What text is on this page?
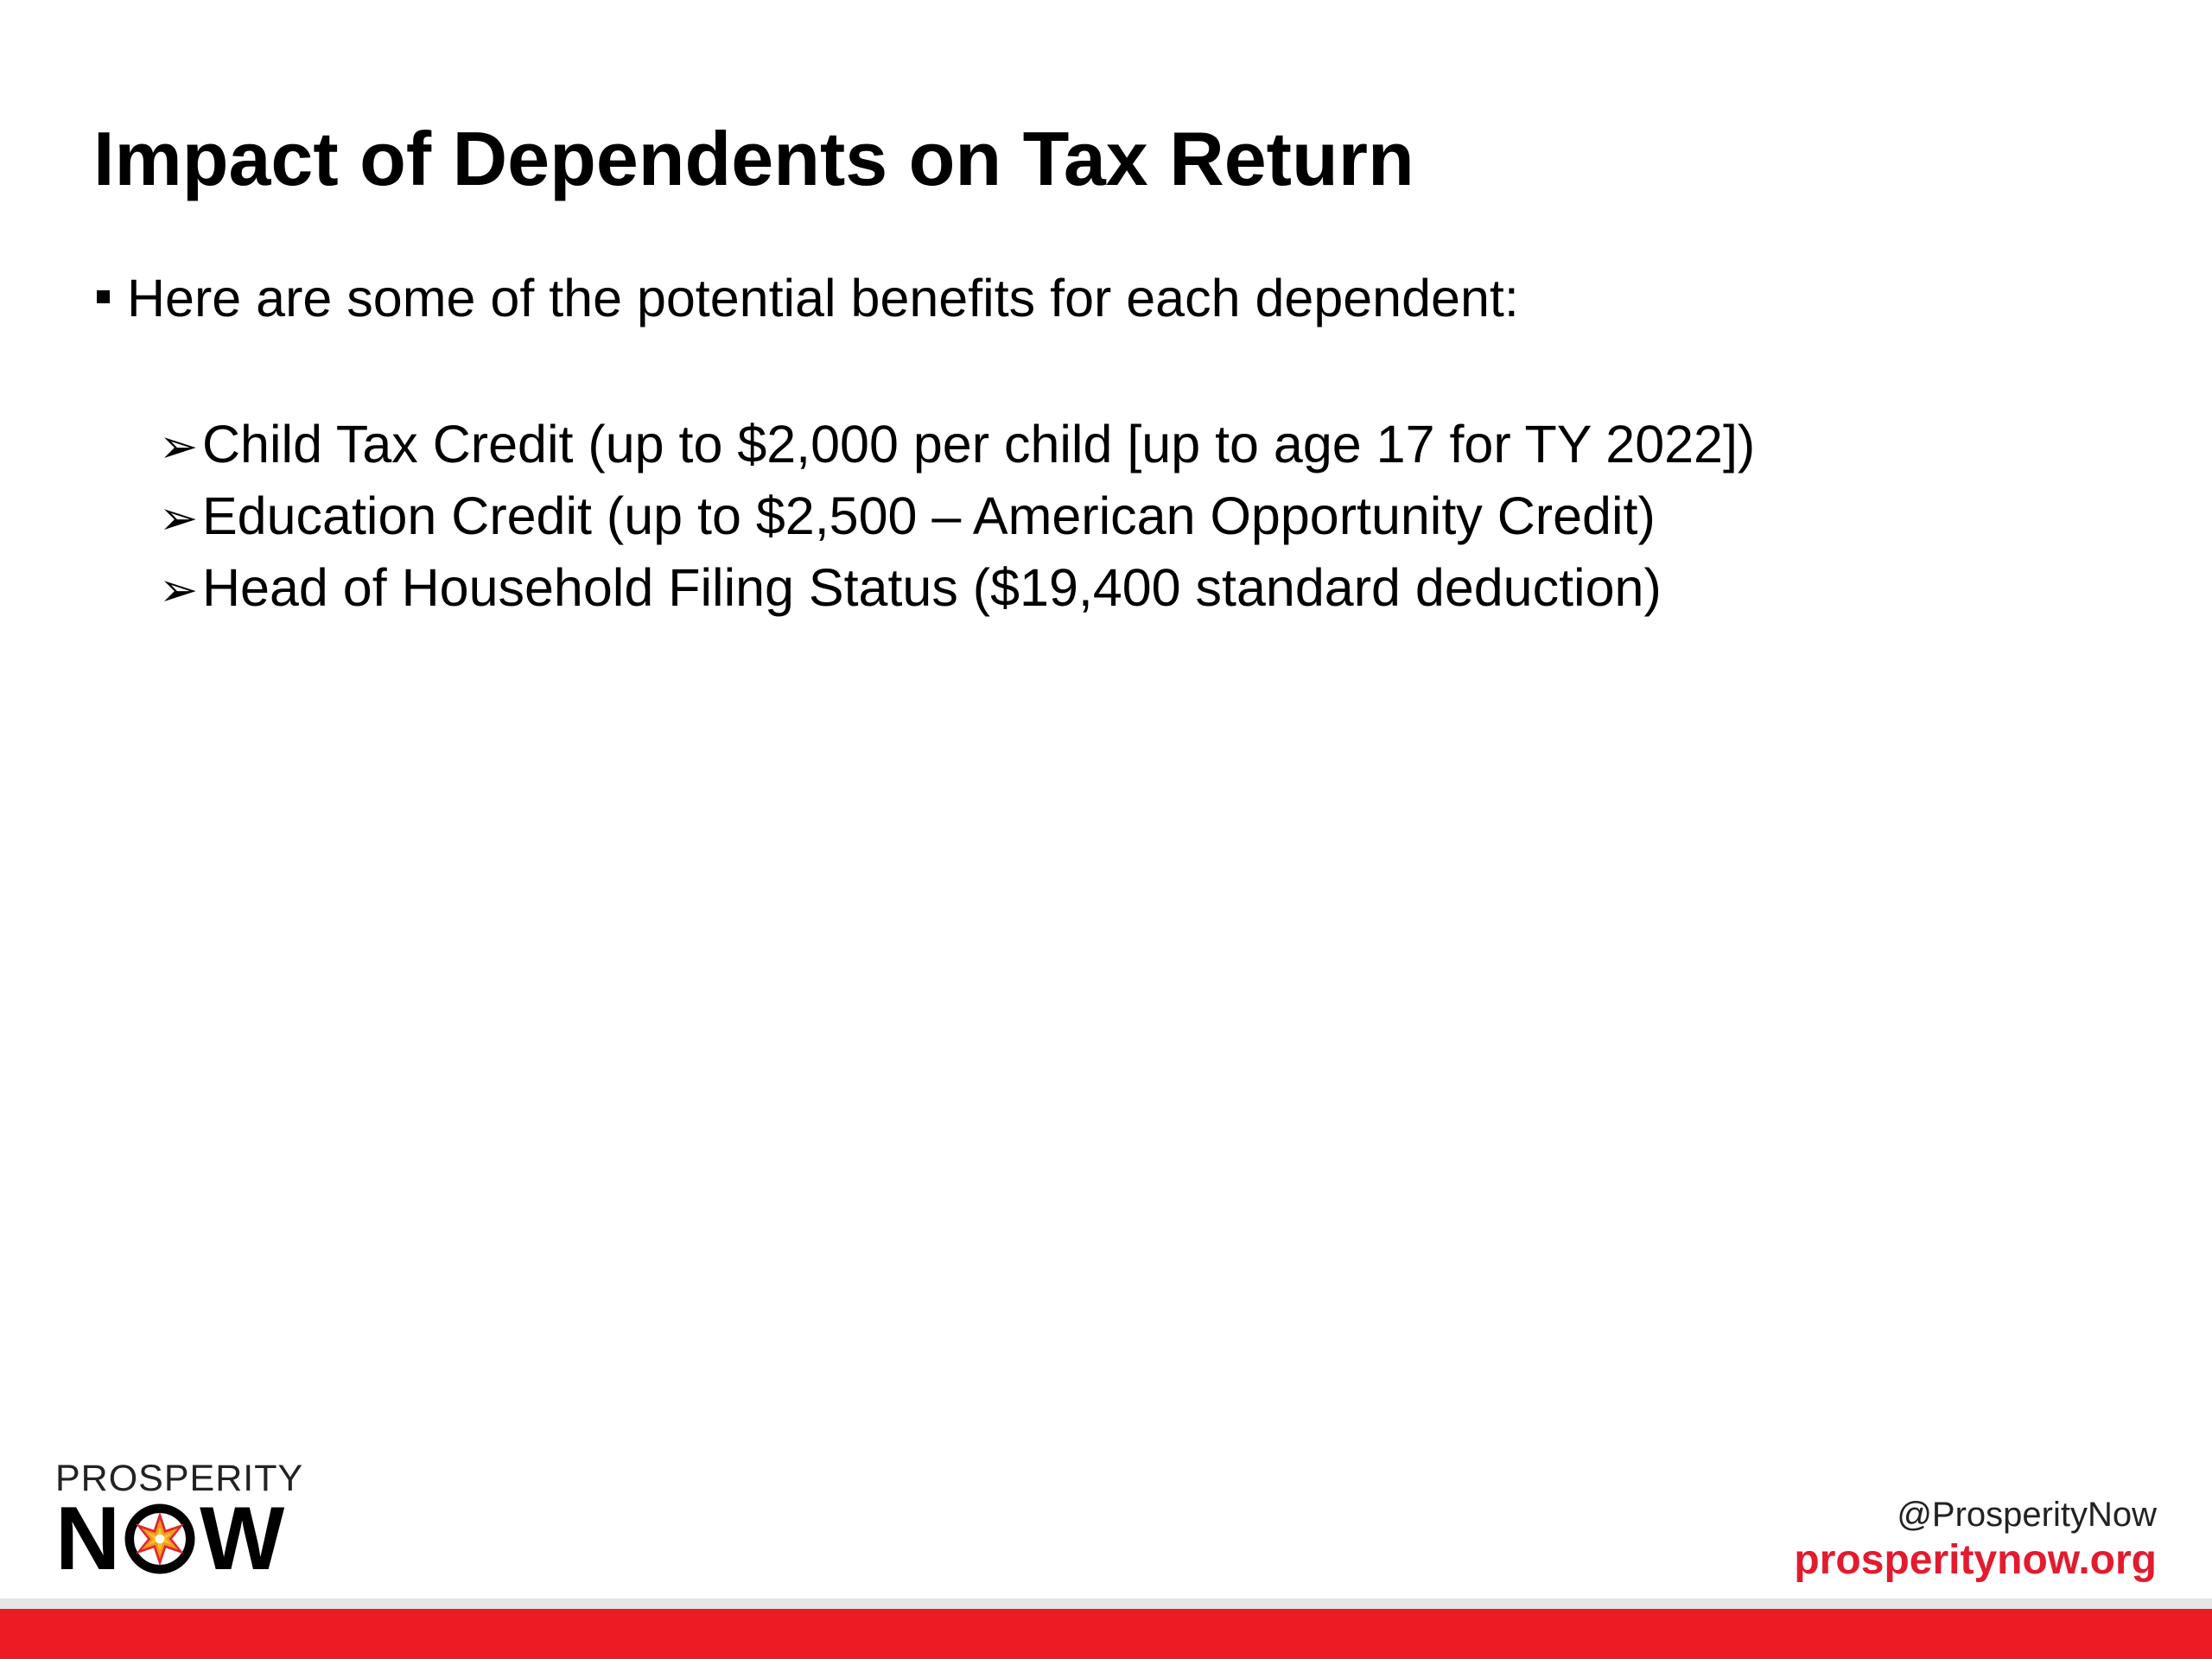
Impact of Dependents on Tax Return
Here are some of the potential benefits for each dependent:
➢Child Tax Credit (up to $2,000 per child [up to age 17 for TY 2022])
➢Education Credit (up to $2,500 – American Opportunity Credit)
➢Head of Household Filing Status ($19,400 standard deduction)
PROSPERITY
N W	@ProsperityNow
prosperitynow.org
